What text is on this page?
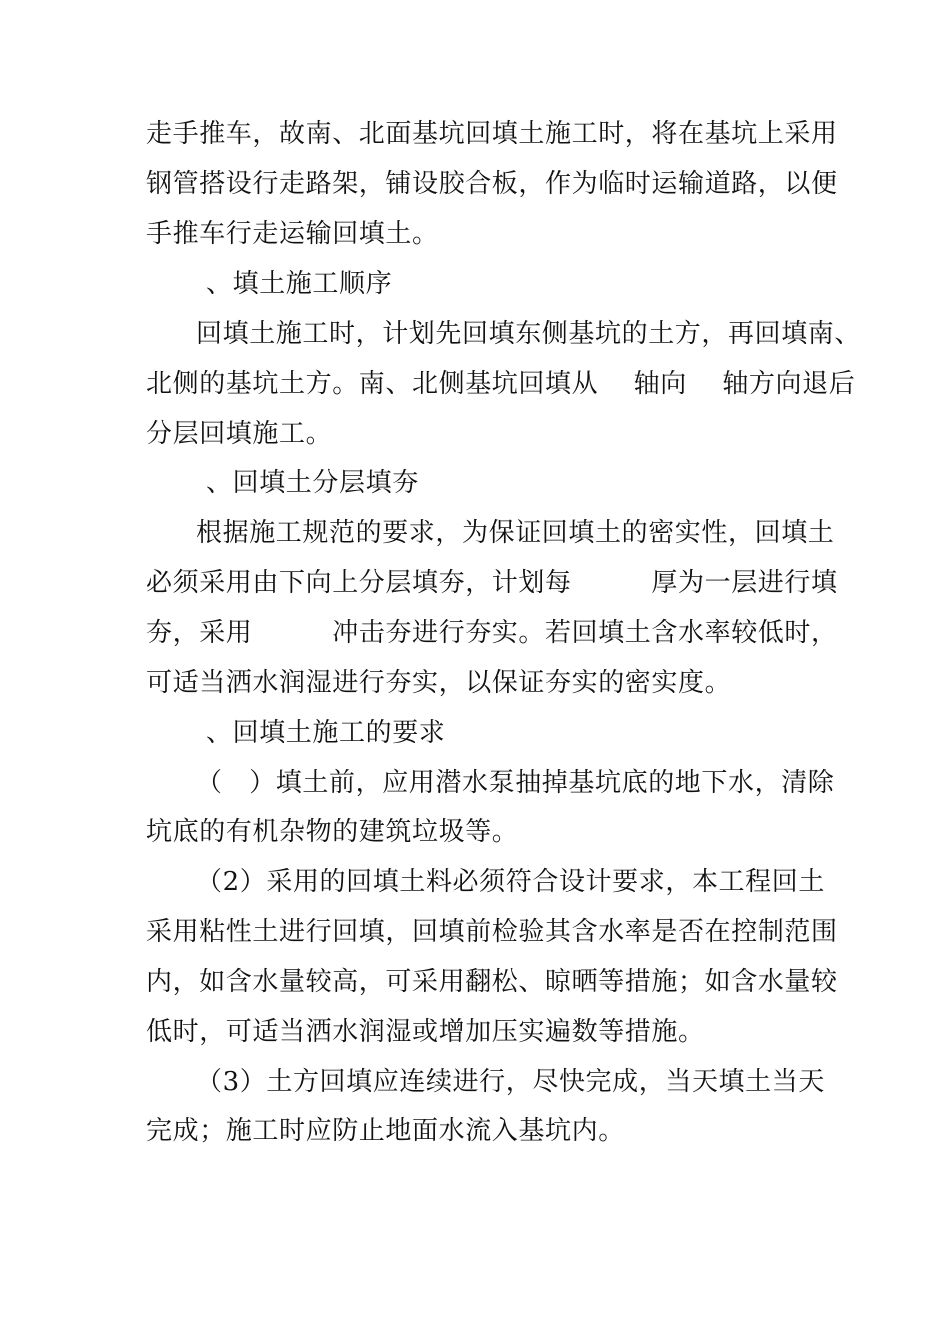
走手推车，故南、北面基坑回填土施工时，将在基坑上采用
钢管搭设行走路架，铺设胶合板，作为临时运输道路，以便
手推车行走运输回填土。
、填土施工顺序
回填土施工时，计划先回填东侧基坑的土方，再回填南、
北侧的基坑土方。南、北侧基坑回填从　 轴向　 轴方向退后
分层回填施工。
、回填土分层填夯
根据施工规范的要求，为保证回填土的密实性，回填土
必须采用由下向上分层填夯，计划每　　　厚为一层进行填
夯，采用　　　冲击夯进行夯实。若回填土含水率较低时，
可适当洒水润湿进行夯实，以保证夯实的密实度。
、回填土施工的要求
（　）填土前，应用潜水泵抽掉基坑底的地下水，清除
坑底的有机杂物的建筑垃圾等。
（2）采用的回填土料必须符合设计要求，本工程回土
采用粘性土进行回填，回填前检验其含水率是否在控制范围
内，如含水量较高，可采用翻松、晾晒等措施；如含水量较
低时，可适当洒水润湿或增加压实遍数等措施。
（3）土方回填应连续进行，尽快完成，当天填土当天
完成；施工时应防止地面水流入基坑内。
